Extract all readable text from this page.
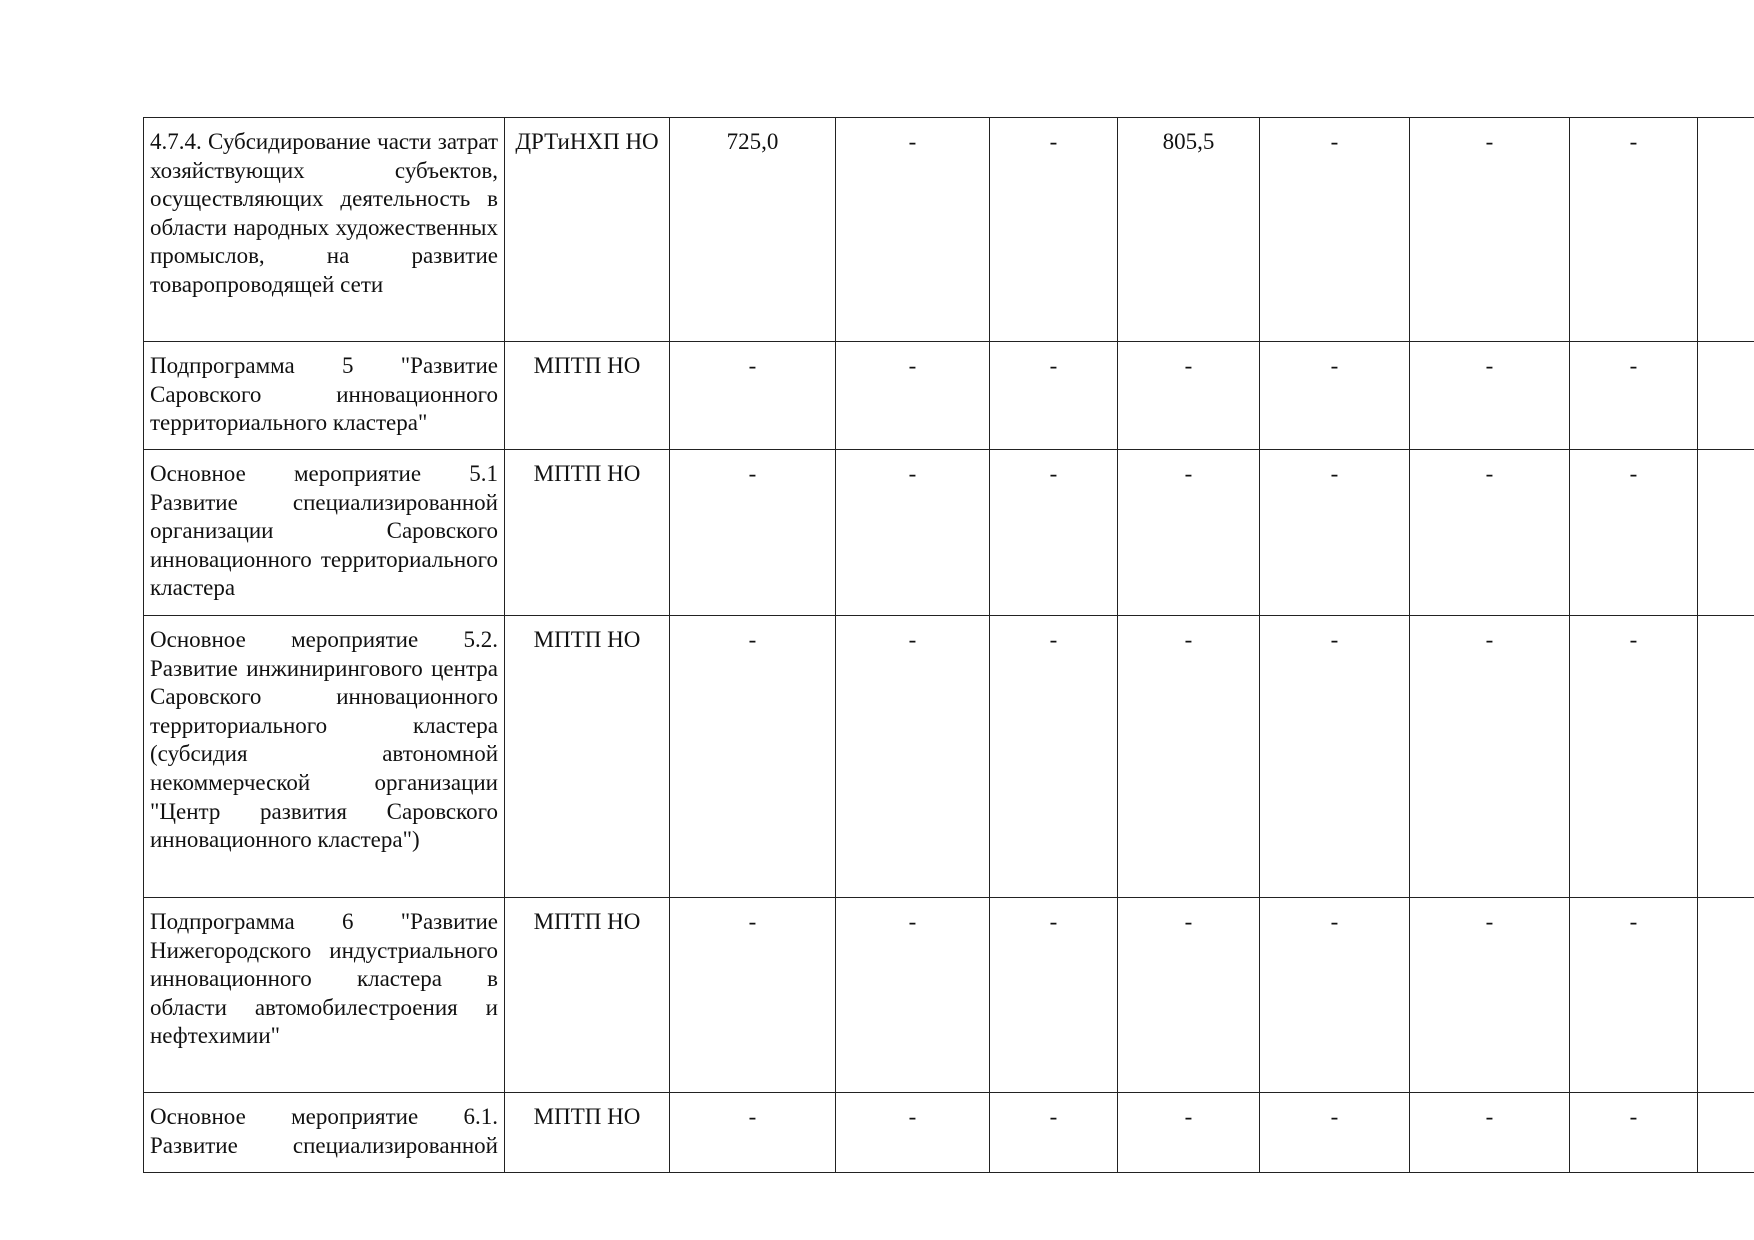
4.7.4. Субсидирование части затрат хозяйствующих субъектов, осуществляющих деятельность в области народных художественных промыслов, на развитие
товаропроводящей сети	ДРТиНХП НО	725,0	-	-	805,5	-	-	-	
Подпрограмма 5 "Развитие Саровского инновационного
территориального кластера"	МПТП НО	-	-	-	-	-	-	-	
Основное мероприятие 5.1 Развитие специализированной организации Саровского
инновационного территориального кластера	МПТП НО	-	-	-	-	-	-	-	
Основное мероприятие 5.2. Развитие инжинирингового центра Саровского инновационного территориального кластера (субсидия автономной некоммерческой организации "Центр развития Саровского
инновационного кластера")	МПТП НО	-	-	-	-	-	-	-	
Подпрограмма 6 "Развитие Нижегородского индустриального инновационного кластера в области автомобилестроения и
нефтехимии"	МПТП НО	-	-	-	-	-	-	-	
Основное мероприятие 6.1. Развитие специализированной	МПТП НО	-	-	-	-	-	-	-	
